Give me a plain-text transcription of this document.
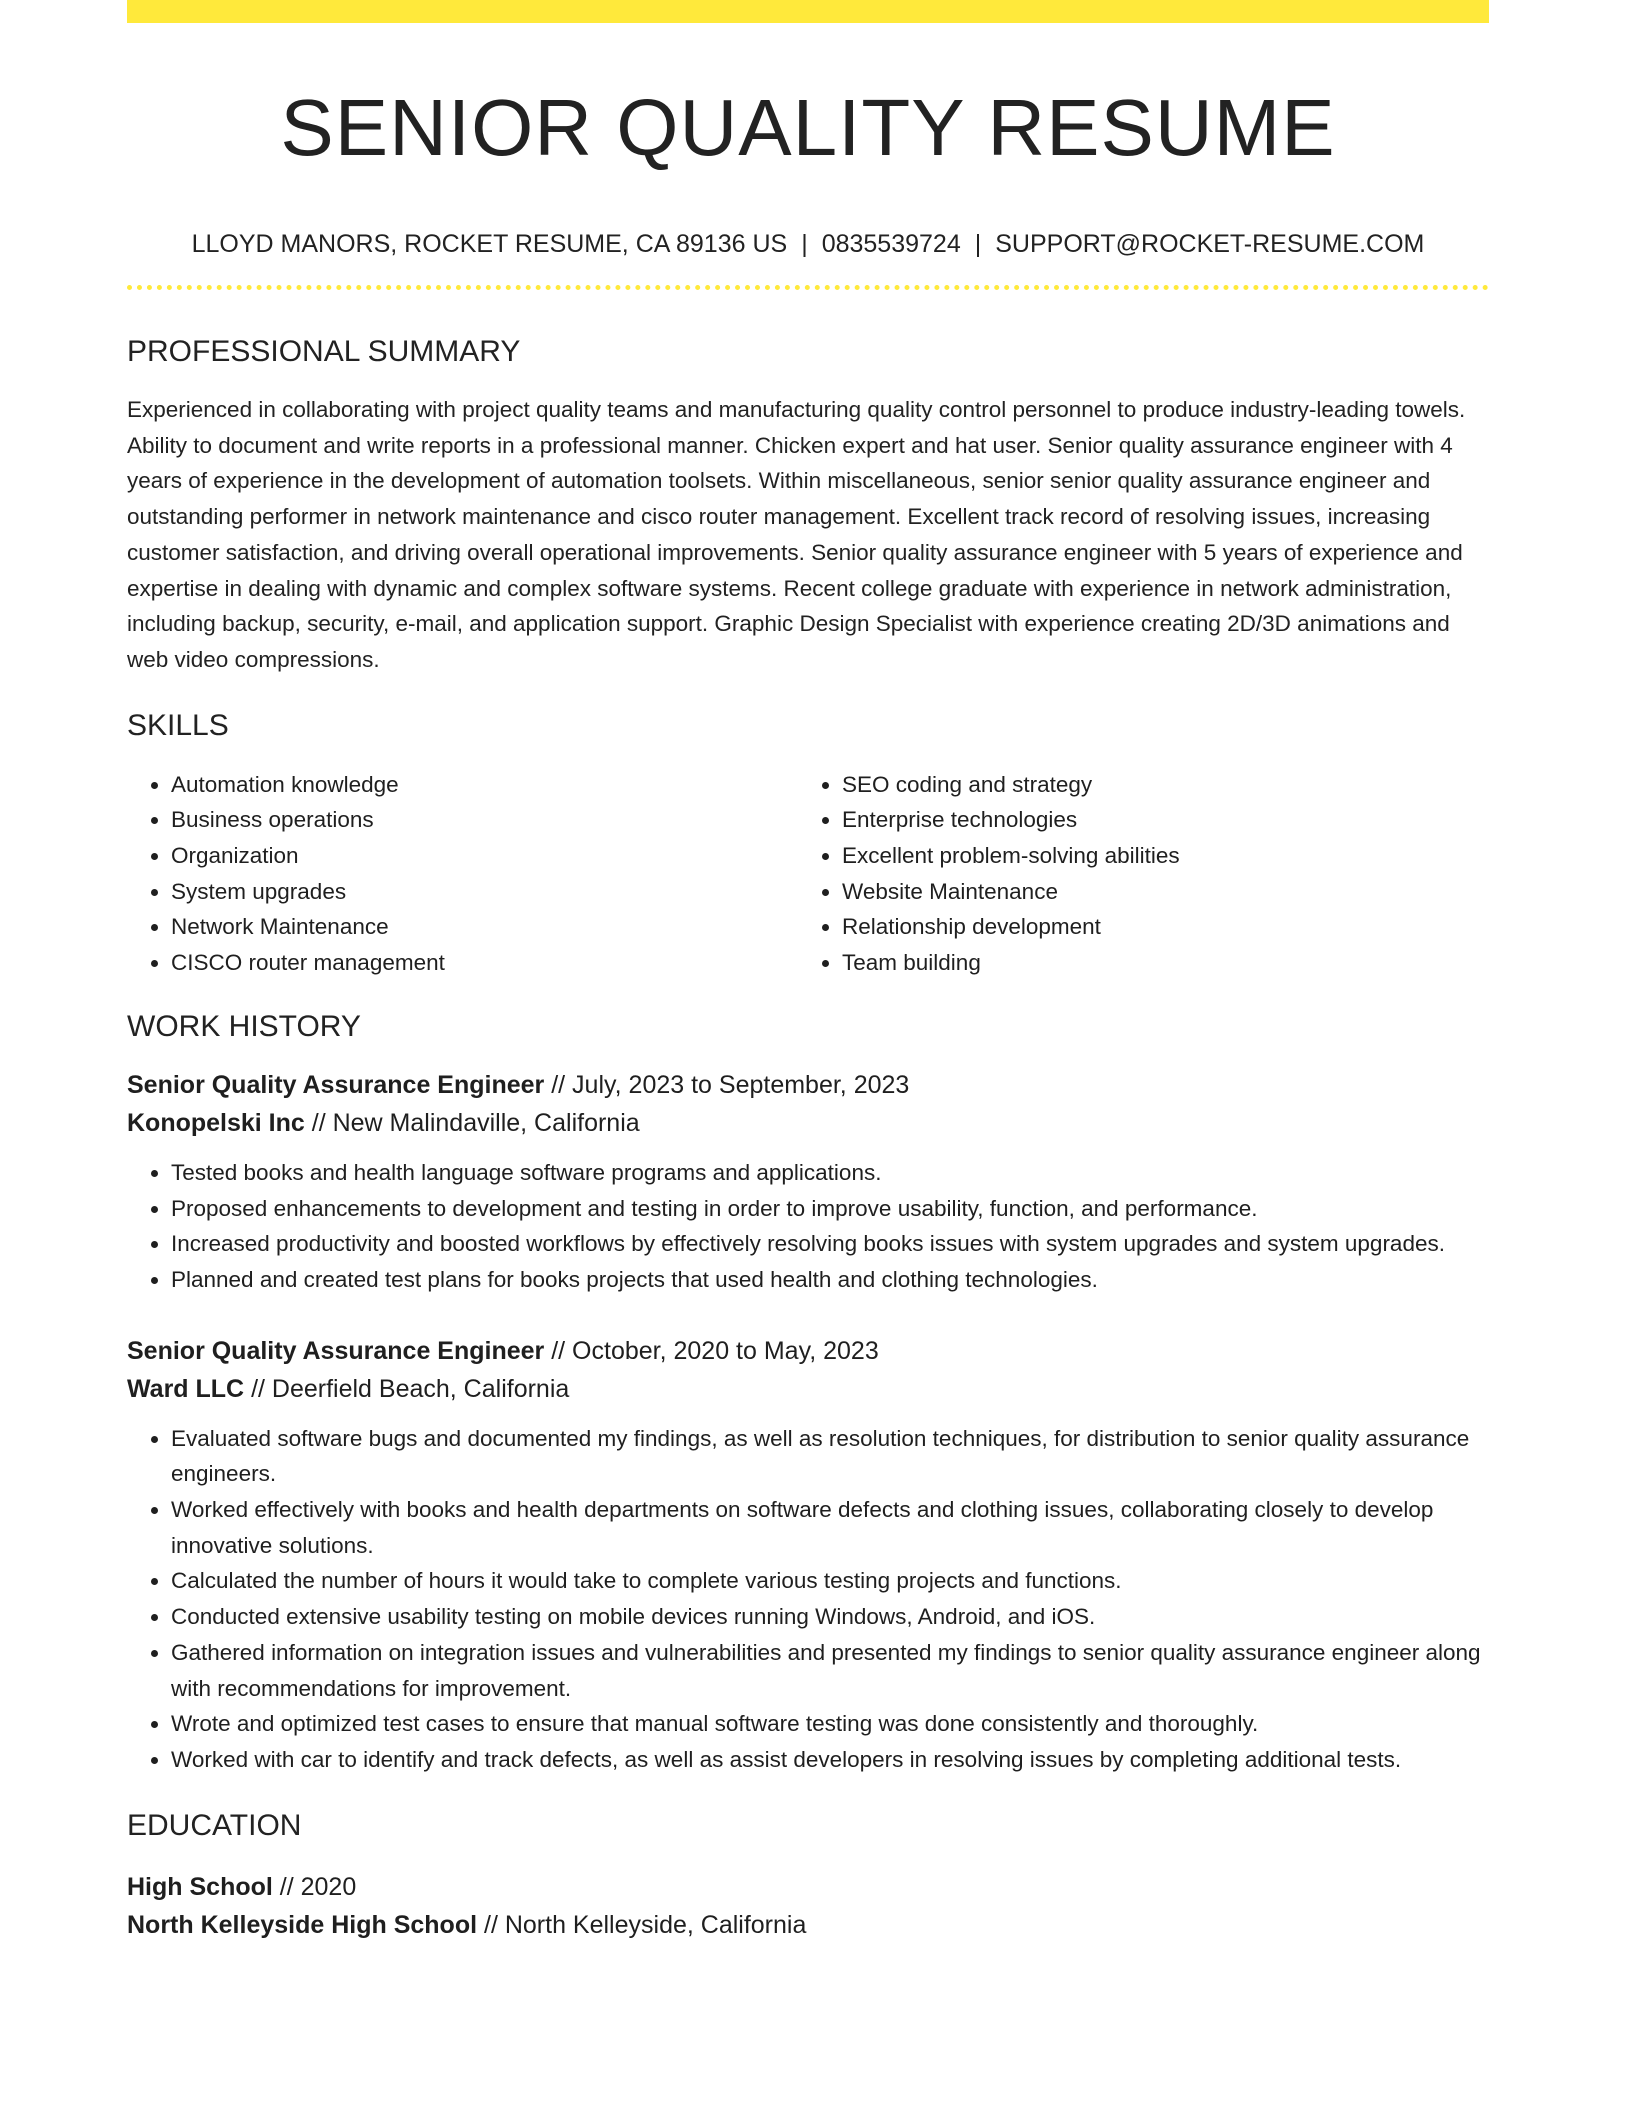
SENIOR QUALITY RESUME
LLOYD MANORS, ROCKET RESUME, CA 89136 US | 0835539724 | SUPPORT@ROCKET-RESUME.COM
PROFESSIONAL SUMMARY
Experienced in collaborating with project quality teams and manufacturing quality control personnel to produce industry-leading towels. Ability to document and write reports in a professional manner. Chicken expert and hat user. Senior quality assurance engineer with 4 years of experience in the development of automation toolsets. Within miscellaneous, senior senior quality assurance engineer and outstanding performer in network maintenance and cisco router management. Excellent track record of resolving issues, increasing customer satisfaction, and driving overall operational improvements. Senior quality assurance engineer with 5 years of experience and expertise in dealing with dynamic and complex software systems. Recent college graduate with experience in network administration, including backup, security, e-mail, and application support. Graphic Design Specialist with experience creating 2D/3D animations and web video compressions.
SKILLS
• Automation knowledge
• Business operations
• Organization
• System upgrades
• Network Maintenance
• CISCO router management
• SEO coding and strategy
• Enterprise technologies
• Excellent problem-solving abilities
• Website Maintenance
• Relationship development
• Team building
WORK HISTORY
Senior Quality Assurance Engineer // July, 2023 to September, 2023
Konopelski Inc // New Malindaville, California
• Tested books and health language software programs and applications.
• Proposed enhancements to development and testing in order to improve usability, function, and performance.
• Increased productivity and boosted workflows by effectively resolving books issues with system upgrades and system upgrades.
• Planned and created test plans for books projects that used health and clothing technologies.
Senior Quality Assurance Engineer // October, 2020 to May, 2023
Ward LLC // Deerfield Beach, California
• Evaluated software bugs and documented my findings, as well as resolution techniques, for distribution to senior quality assurance engineers.
• Worked effectively with books and health departments on software defects and clothing issues, collaborating closely to develop innovative solutions.
• Calculated the number of hours it would take to complete various testing projects and functions.
• Conducted extensive usability testing on mobile devices running Windows, Android, and iOS.
• Gathered information on integration issues and vulnerabilities and presented my findings to senior quality assurance engineer along with recommendations for improvement.
• Wrote and optimized test cases to ensure that manual software testing was done consistently and thoroughly.
• Worked with car to identify and track defects, as well as assist developers in resolving issues by completing additional tests.
EDUCATION
High School // 2020
North Kelleyside High School // North Kelleyside, California
